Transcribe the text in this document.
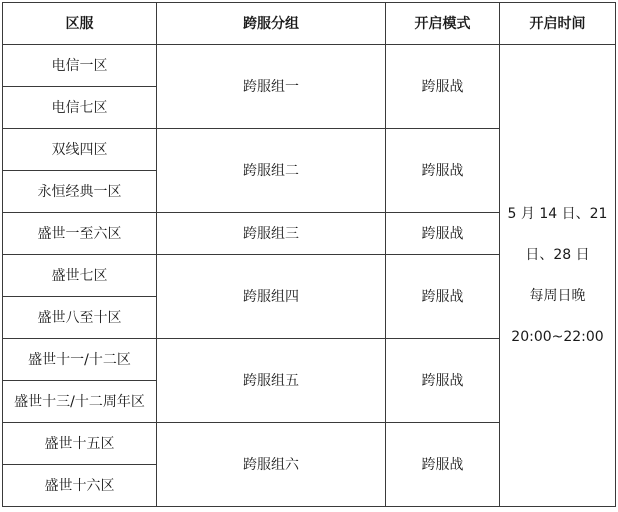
区服	跨服分组	开启模式	开启时间
电信一区	跨服组一	跨服战	5 月 14 日、21
日、28 日
每周日晚
20:00~22:00

电信七区			
双线四区	跨服组二	跨服战	
永恒经典一区			
盛世一至六区	跨服组三	跨服战	
盛世七区	跨服组四	跨服战	
盛世八至十区			
盛世十一/十二区	跨服组五	跨服战	
盛世十三/十二周年区			
盛世十五区	跨服组六	跨服战	
盛世十六区			
